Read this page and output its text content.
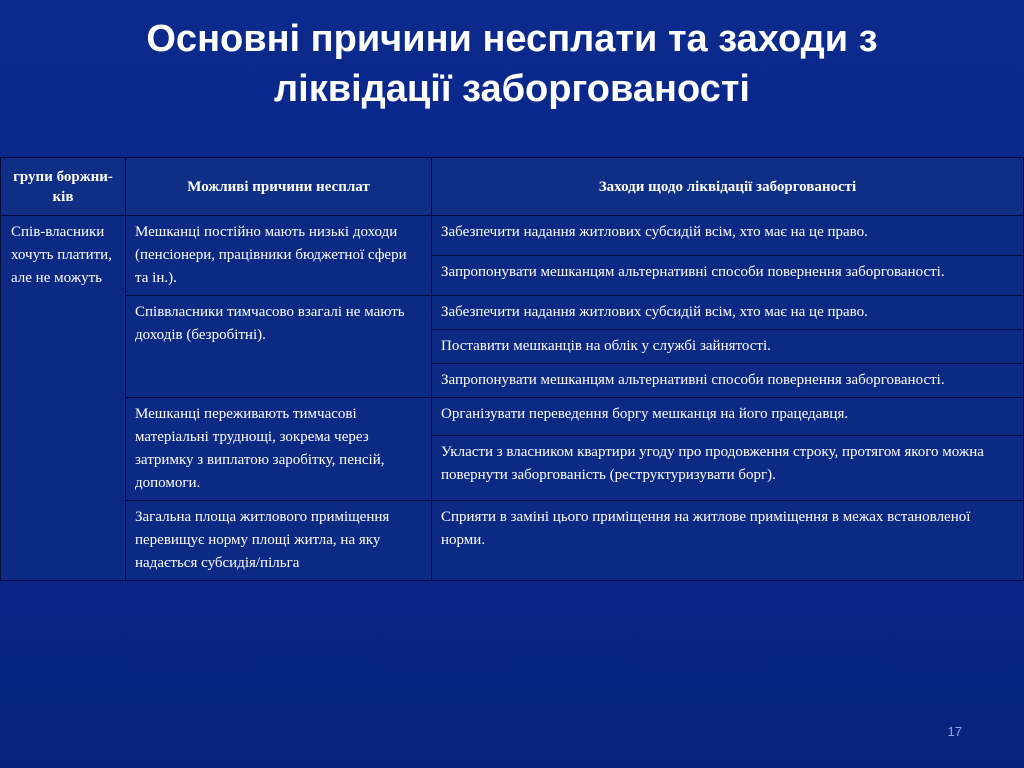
Основні причини несплати та заходи з
ліквідації заборгованості
групи боржни-ків	Можливі причини несплат	Заходи щодо ліквідації заборгованості
Спів-власники хочуть платити, але не можуть	Мешканці постійно мають низькі доходи (пенсіонери, працівники бюджетної сфери та ін.).	Забезпечити надання житлових субсидій всім, хто має на це право.
		Запропонувати мешканцям альтернативні способи повернення заборгованості.
	Співвласники тимчасово взагалі не мають доходів (безробітні).	Забезпечити надання житлових субсидій всім, хто має на це право.
		Поставити мешканців на облік у службі зайнятості.
		Запропонувати мешканцям альтернативні способи повернення заборгованості.
	Мешканці переживають тимчасові матеріальні труднощі, зокрема через затримку з виплатою заробітку, пенсій, допомоги.	Організувати переведення боргу мешканця на його працедавця.
		Укласти з власником квартири угоду про продовження строку, протягом якого можна повернути заборгованість (реструктуризувати борг).
	Загальна площа житлового приміщення перевищує норму площі житла, на яку надається субсидія/пільга	Сприяти в заміні цього приміщення на житлове приміщення в межах встановленої норми.
17
